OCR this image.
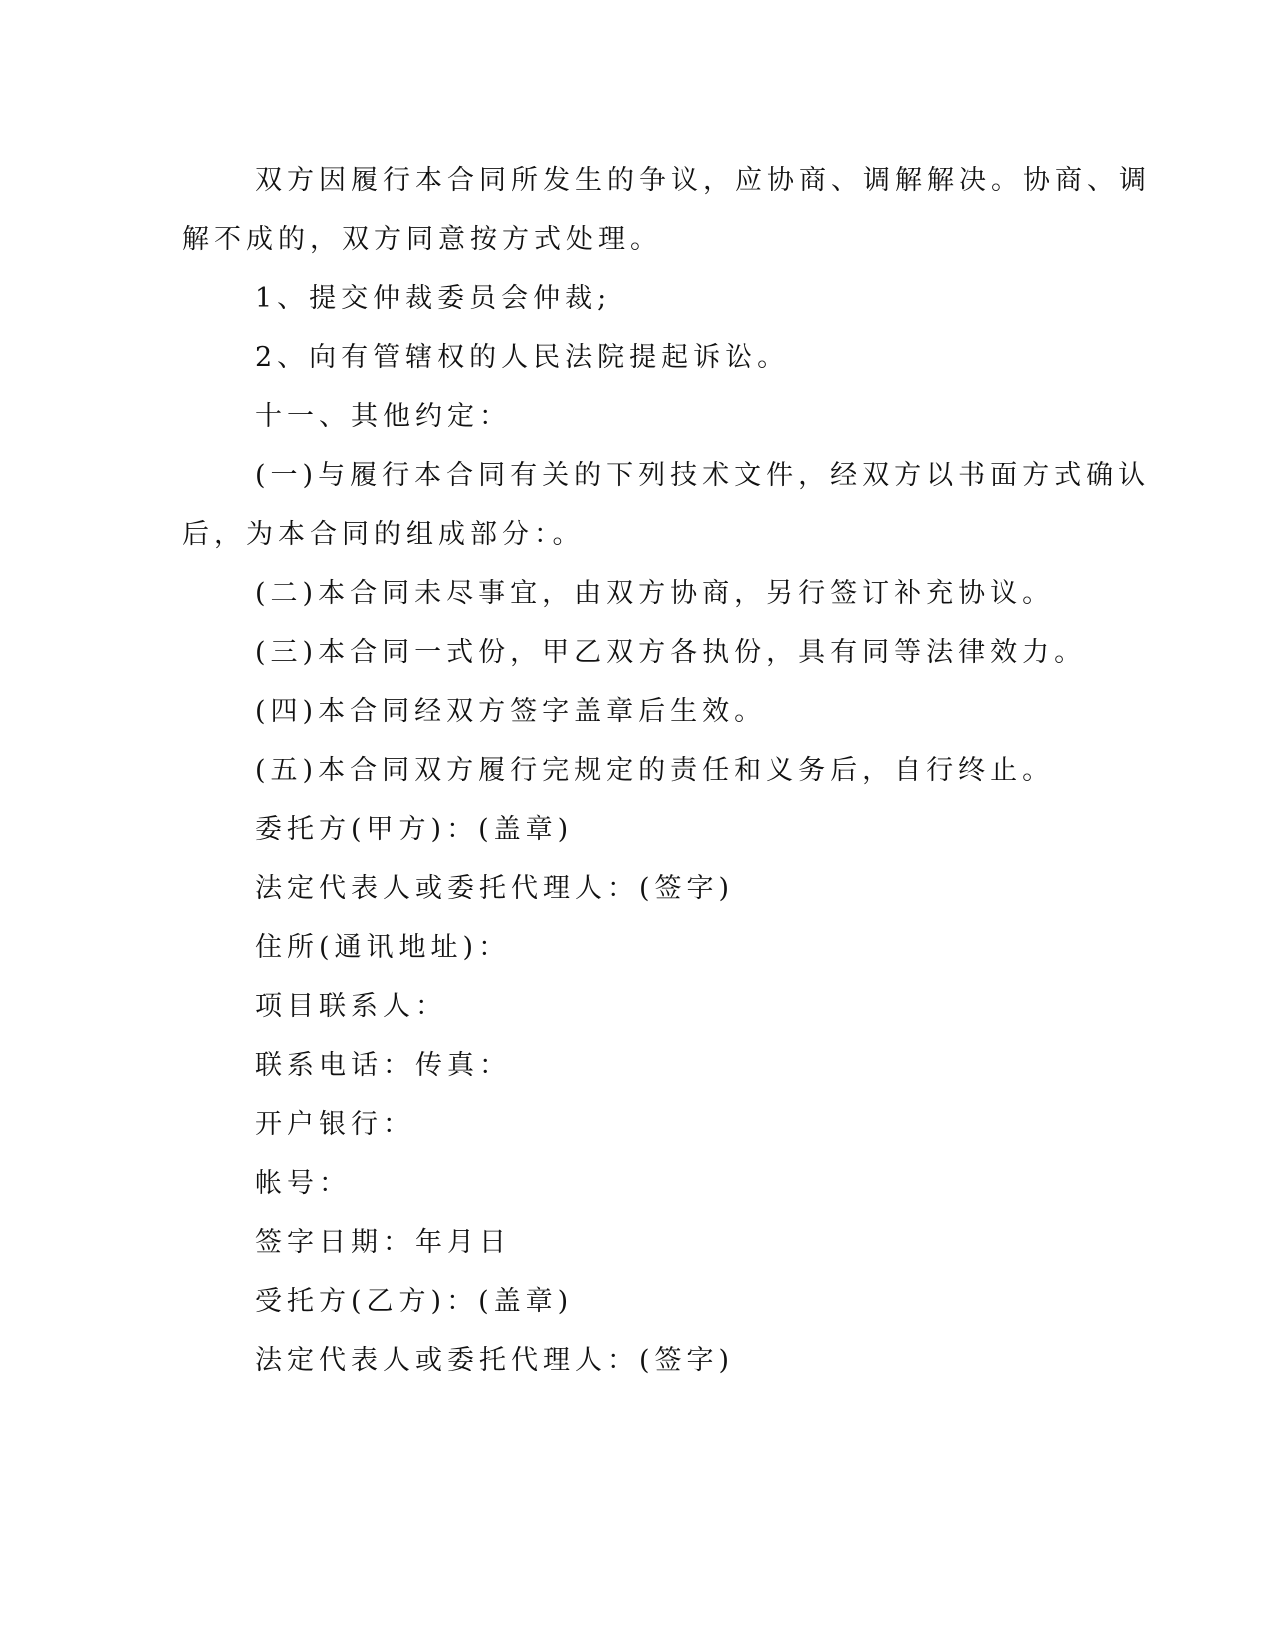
双方因履行本合同所发生的争议，应协商、调解解决。协商、调
解不成的，双方同意按方式处理。
1、提交仲裁委员会仲裁;
2、向有管辖权的人民法院提起诉讼。
十一、其他约定：
(一)与履行本合同有关的下列技术文件，经双方以书面方式确认
后，为本合同的组成部分：。
(二)本合同未尽事宜，由双方协商，另行签订补充协议。
(三)本合同一式份，甲乙双方各执份，具有同等法律效力。
(四)本合同经双方签字盖章后生效。
(五)本合同双方履行完规定的责任和义务后，自行终止。
委托方(甲方)：(盖章)
法定代表人或委托代理人：(签字)
住所(通讯地址)：
项目联系人：
联系电话：传真：
开户银行：
帐号：
签字日期：年月日
受托方(乙方)：(盖章)
法定代表人或委托代理人：(签字)
